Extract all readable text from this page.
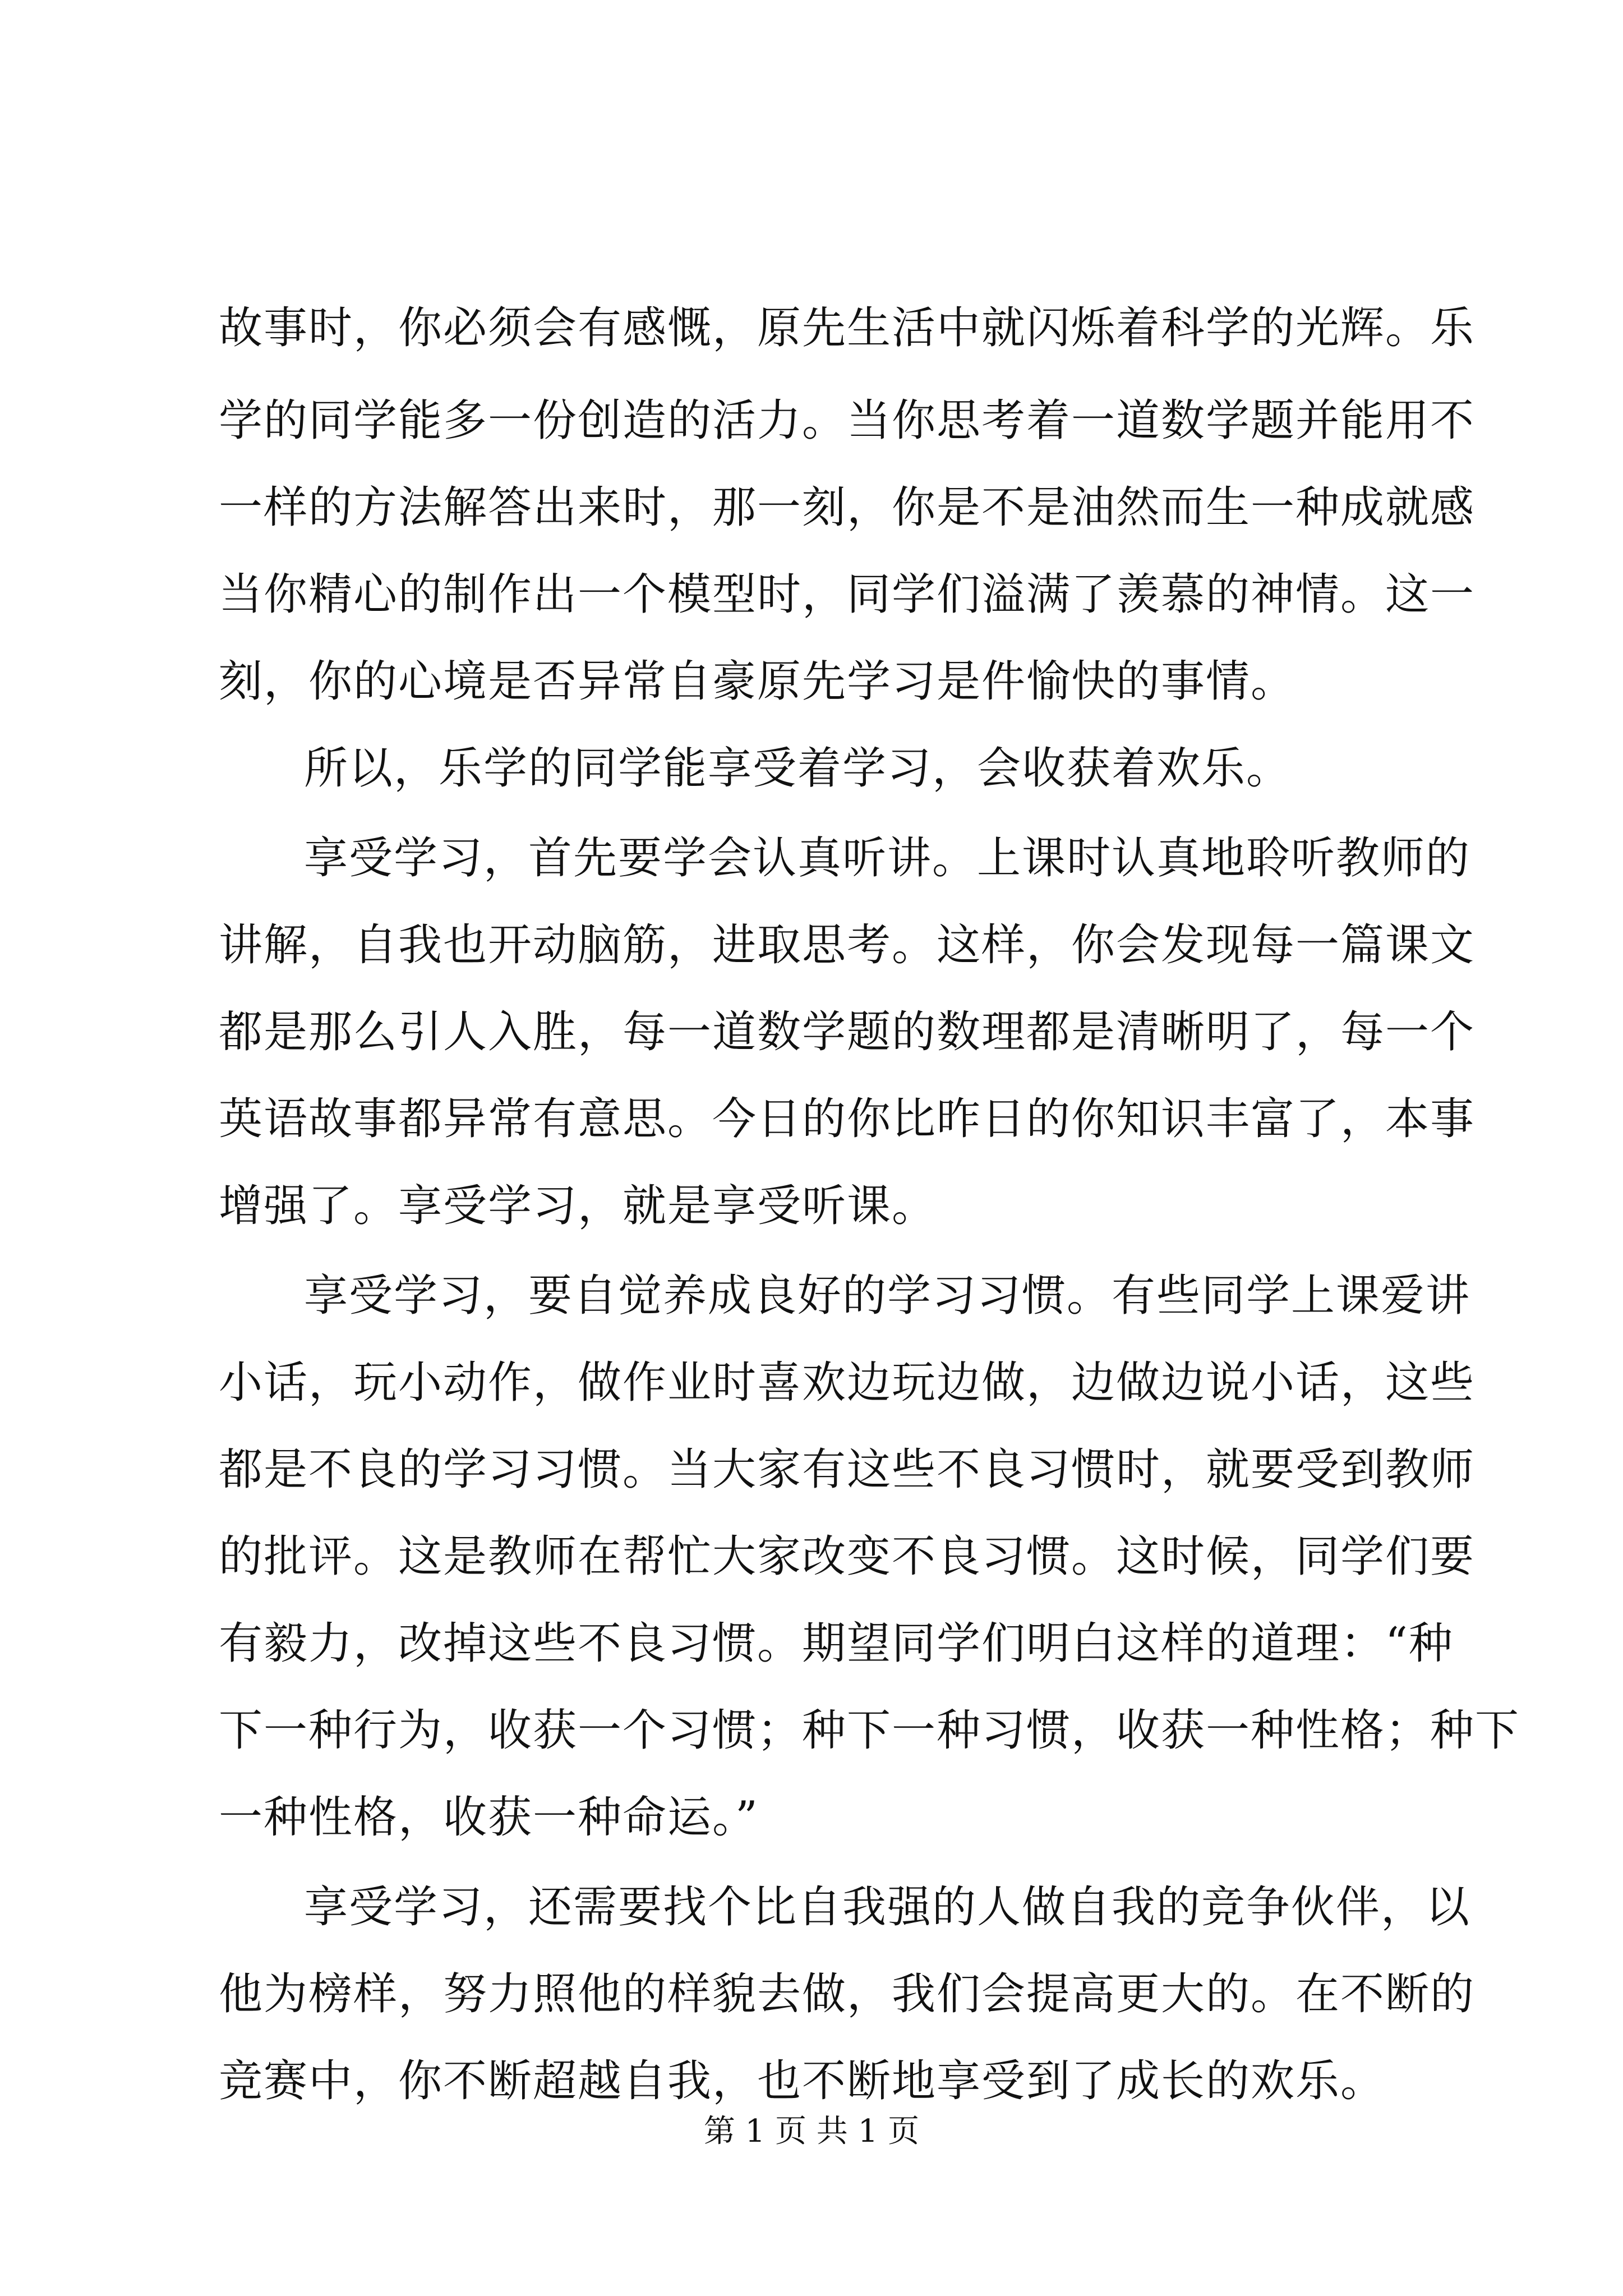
故事时，你必须会有感慨，原先生活中就闪烁着科学的光辉。乐
学的同学能多一份创造的活力。当你思考着一道数学题并能用不
一样的方法解答出来时，那一刻，你是不是油然而生一种成就感
当你精心的制作出一个模型时，同学们溢满了羡慕的神情。这一
刻，你的心境是否异常自豪原先学习是件愉快的事情。
所以，乐学的同学能享受着学习，会收获着欢乐。
享受学习，首先要学会认真听讲。上课时认真地聆听教师的
讲解，自我也开动脑筋，进取思考。这样，你会发现每一篇课文
都是那么引人入胜，每一道数学题的数理都是清晰明了，每一个
英语故事都异常有意思。今日的你比昨日的你知识丰富了，本事
增强了。享受学习，就是享受听课。
享受学习，要自觉养成良好的学习习惯。有些同学上课爱讲
小话，玩小动作，做作业时喜欢边玩边做，边做边说小话，这些
都是不良的学习习惯。当大家有这些不良习惯时，就要受到教师
的批评。这是教师在帮忙大家改变不良习惯。这时候，同学们要
有毅力，改掉这些不良习惯。期望同学们明白这样的道理：“种
下一种行为，收获一个习惯；种下一种习惯，收获一种性格；种下
一种性格，收获一种命运。”
享受学习，还需要找个比自我强的人做自我的竞争伙伴，以
他为榜样，努力照他的样貌去做，我们会提高更大的。在不断的
竞赛中，你不断超越自我，也不断地享受到了成长的欢乐。
第 1 页 共 1 页
